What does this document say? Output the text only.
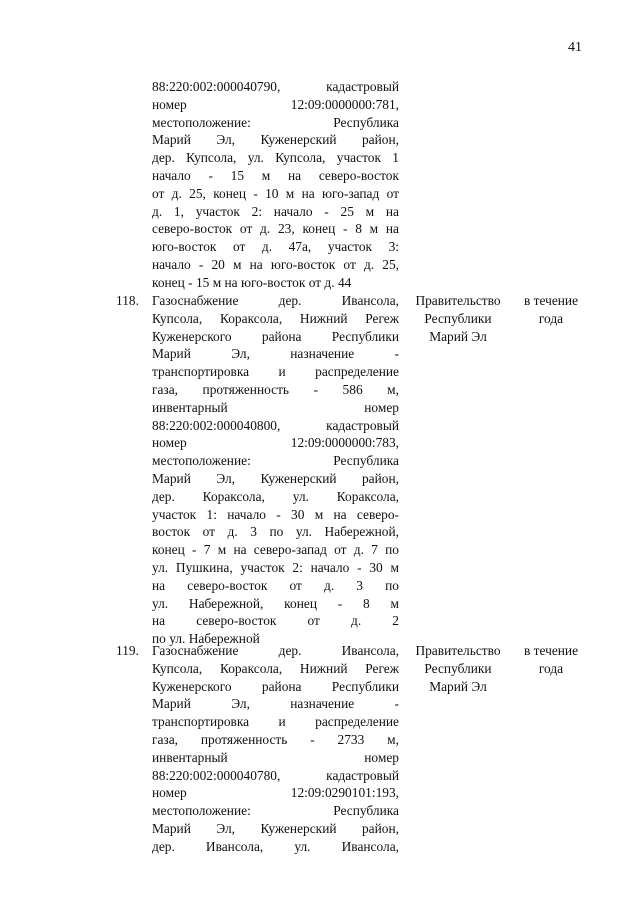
41
88:220:002:000040790, кадастровый
номер 12:09:0000000:781,
местоположение: Республика
Марий Эл, Куженерский район,
дер. Купсола, ул. Купсола, участок 1
начало - 15 м на северо-восток
от д. 25, конец - 10 м на юго-запад от
д. 1, участок 2: начало - 25 м на
северо-восток от д. 23, конец - 8 м на
юго-восток от д. 47а, участок 3:
начало - 20 м на юго-восток от д. 25,
конец - 15 м на юго-восток от д. 44
118. Газоснабжение дер. Ивансола,
Купсола, Кораксола, Нижний Регеж
Куженерского района Республики
Марий Эл, назначение -
транспортировка и распределение
газа, протяженность - 586 м,
инвентарный номер
88:220:002:000040800, кадастровый
номер 12:09:0000000:783,
местоположение: Республика
Марий Эл, Куженерский район,
дер. Кораксола, ул. Кораксола,
участок 1: начало - 30 м на северо-
восток от д. 3 по ул. Набережной,
конец - 7 м на северо-запад от д. 7 по
ул. Пушкина, участок 2: начало - 30 м
на северо-восток от д. 3 по
ул. Набережной, конец - 8 м
на северо-восток от д. 2
по ул. Набережной
Правительство
Республики
Марий Эл
в течение
года
119. Газоснабжение дер. Ивансола,
Купсола, Кораксола, Нижний Регеж
Куженерского района Республики
Марий Эл, назначение -
транспортировка и распределение
газа, протяженность - 2733 м,
инвентарный номер
88:220:002:000040780, кадастровый
номер 12:09:0290101:193,
местоположение: Республика
Марий Эл, Куженерский район,
дер. Ивансола, ул. Ивансола,
Правительство
Республики
Марий Эл
в течение
года
